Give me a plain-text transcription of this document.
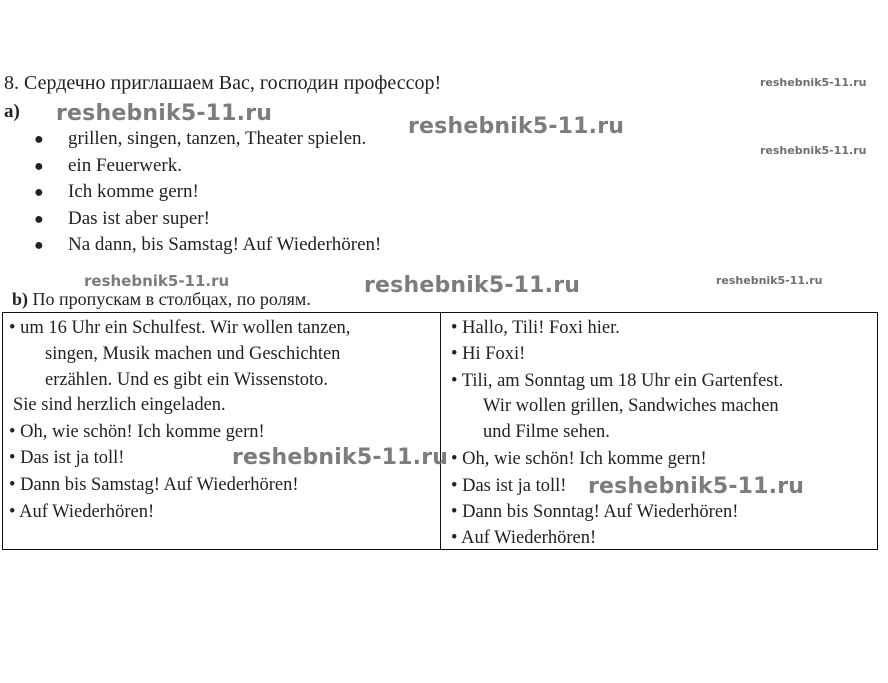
8. Сердечно приглашаем Вас, господин профессор!
а)
● grillen, singen, tanzen, Theater spielen.
● ein Feuerwerk.
● Ich komme gern!
● Das ist aber super!
● Na dann, bis Samstag! Auf Wiederhören!
b) По пропускам в столбцах, по ролям.
• um 16 Uhr ein Schulfest. Wir wollen tanzen,
singen, Musik machen und Geschichten
erzählen. Und es gibt ein Wissenstoto.
Sie sind herzlich eingeladen.
• Oh, wie schön! Ich komme gern!
• Das ist ja toll!
• Dann bis Samstag! Auf Wiederhören!
• Auf Wiederhören!
• Hallo, Tili! Foxi hier.
• Hi Foxi!
• Tili, am Sonntag um 18 Uhr ein Gartenfest.
Wir wollen grillen, Sandwiches machen
und Filme sehen.
• Oh, wie schön! Ich komme gern!
• Das ist ja toll!
• Dann bis Sonntag! Auf Wiederhören!
• Auf Wiederhören!
reshebnik5-11.ru
reshebnik5-11.ru
reshebnik5-11.ru
reshebnik5-11.ru
reshebnik5-11.ru	reshebnik5-11.ru	reshebnik5-11.ru
reshebnik5-11.ru
reshebnik5-11.ru
